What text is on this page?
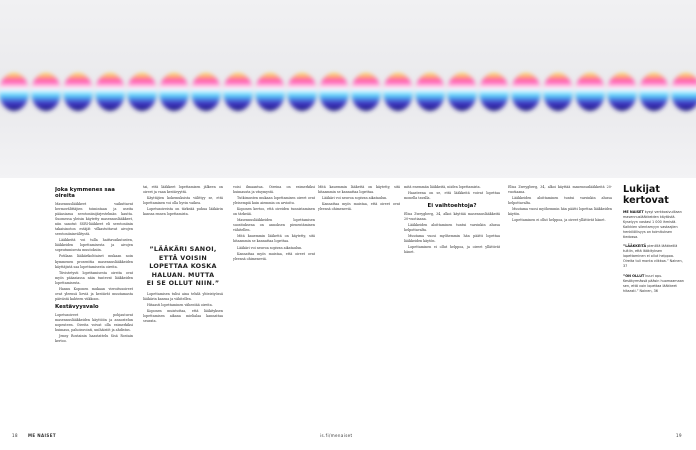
Joka kymmenes saa oireita

Masennuslääkkeet vaikuttavat hermovälittäjien toimintaan ja useita pääasiassa serotoniinijärjestelmän kautta. Suomessa yleisin käytetty masennuslääkkeet, niin sanotut SSRI-lääkkeet eli serotoniinin takaisinoton estäjät vilkastuttavat aivojen serotoniininvälitystä.

Lääkkeitä voi tulla haittavaikutusten, lääkkeiden lopettamisesta ja aivojen sopeutumisesta muutoksiin.

Potilaan lääkärikohtaiset mukaan noin kymmenen prosenttia masennuslääkkeiden käyttäjistä saa lopettamisesta oireita.

Tiivistetysti lopettamisesta oireita ovat myös pääasiassa näin tuntevat lääkkeiden lopettamisesta.

Hannu Koponen mukaan vieroitusoireet ovat yleensä lieviä ja kestävät muutamasta päivästä kahteen viikkoon.

Kestävyysvalo

Lopetusoireet pohjautuvat masennuslääkkeiden käyttöön ja annostelun nopeuteen. Oireita voivat olla esimerkiksi huimaus, pahoinvointi, unihäiriöt ja ahdistus.

Jenny Rostainin haastattelu Sisä Rostain kertoo.

tai, että lääkkeet lopettamisen jälkeen on oireet ja vaan kestävyyttä.

Käyttäjien kokemuksista välittyy se, että lopettaminen voi olla hyvin vaikea.

Lopetusoireista on tärkeää puhua lääkärin kanssa ennen lopettamista.

”LÄÄKÄRI SANOI,
ETTÄ VOISIN
LOPETTAA KOSKA
HALUAN. MUTTA
EI SE OLLUT NIIN.”

Lopettamisen tulisi aina tehdä yhteistyössä lääkärin kanssa ja vähitellen.

Hitaasti lopettaminen vähentää oireita.

Koponen muistuttaa, että lääkityksen lopettamisen aikana mielialaa kannattaa seurata.

voisi ilmaantua. Oireina on esimerkiksi huimausta ja väsymystä.

Tutkimusten mukaan lopettamisen oireet ovat yleisempiä kuin aiemmin on arvioitu.

Koponen kertoo, että oireiden tunnistaminen on tärkeää.

Masennuslääkkeiden lopettamisen suosituksena on annoksen pienentäminen vähitellen.

Mitä kauemmin lääkettä on käytetty, sitä hitaammin se kannattaa lopettaa.

Lääkäri voi neuvoa sopivan aikataulun.

Kannattaa myös muistaa, että oireet ovat yleensä ohimeneviä.

mitä enemmän lääkkeitä, niiden lopettamista.

Haasteena on se, että lääkkeitä voivat lopettaa monella tavalla.

Ei vaihtoehtoja?

Elisa Zweygberg, 34, alkoi käyttää masennuslääkkeitä 20-vuotiaana.

Lääkkeiden aloittaminen tuntui varsinkin alussa helpottavalta.

Muutama vuosi myöhemmin hän päätti lopettaa lääkkeiden käytön.

Lopettaminen ei ollut helppoa, ja oireet yllättivät hänet.

Mitä kauemmin lääkettä on käytetty, sitä hitaammin se kannattaa lopettaa.

Lääkäri voi neuvoa sopivan aikataulun.

Kannattaa myös muistaa, että oireet ovat yleensä ohimeneviä.

Elisa Zweygberg, 34, alkoi käyttää masennuslääkkeitä 20-vuotiaana.

Lääkkeiden aloittaminen tuntui varsinkin alussa helpottavalta.

Muutama vuosi myöhemmin hän päätti lopettaa lääkkeiden käytön.

Lopettaminen ei ollut helppoa, ja oireet yllättivät hänet.

Lukijat kertovat
ME NAISET kysyi verkkosivuillaan masennuslääkkeiden käytöstä. Kyselyyn vastasi 1 000 ihmistä. Kaikkien silentamyyn vastaajien henkilöllisyys on toimituksen tiedossa.
”LÄÄKKEITÄ pienilllä lääkkeillä tultiin, että lääkityksen lopettaminen ei ollut helppoa. Oireita tuli monta viikkoa.” Nainen, 37
”ON OLLUT kuuri apu. Kesäkyrmässä pääsin huomaamaan sen, että voin lopettaa lääkkeet hitaasti.” Nainen, 36
18	ME NAISET	is.fi/menaiset	19
